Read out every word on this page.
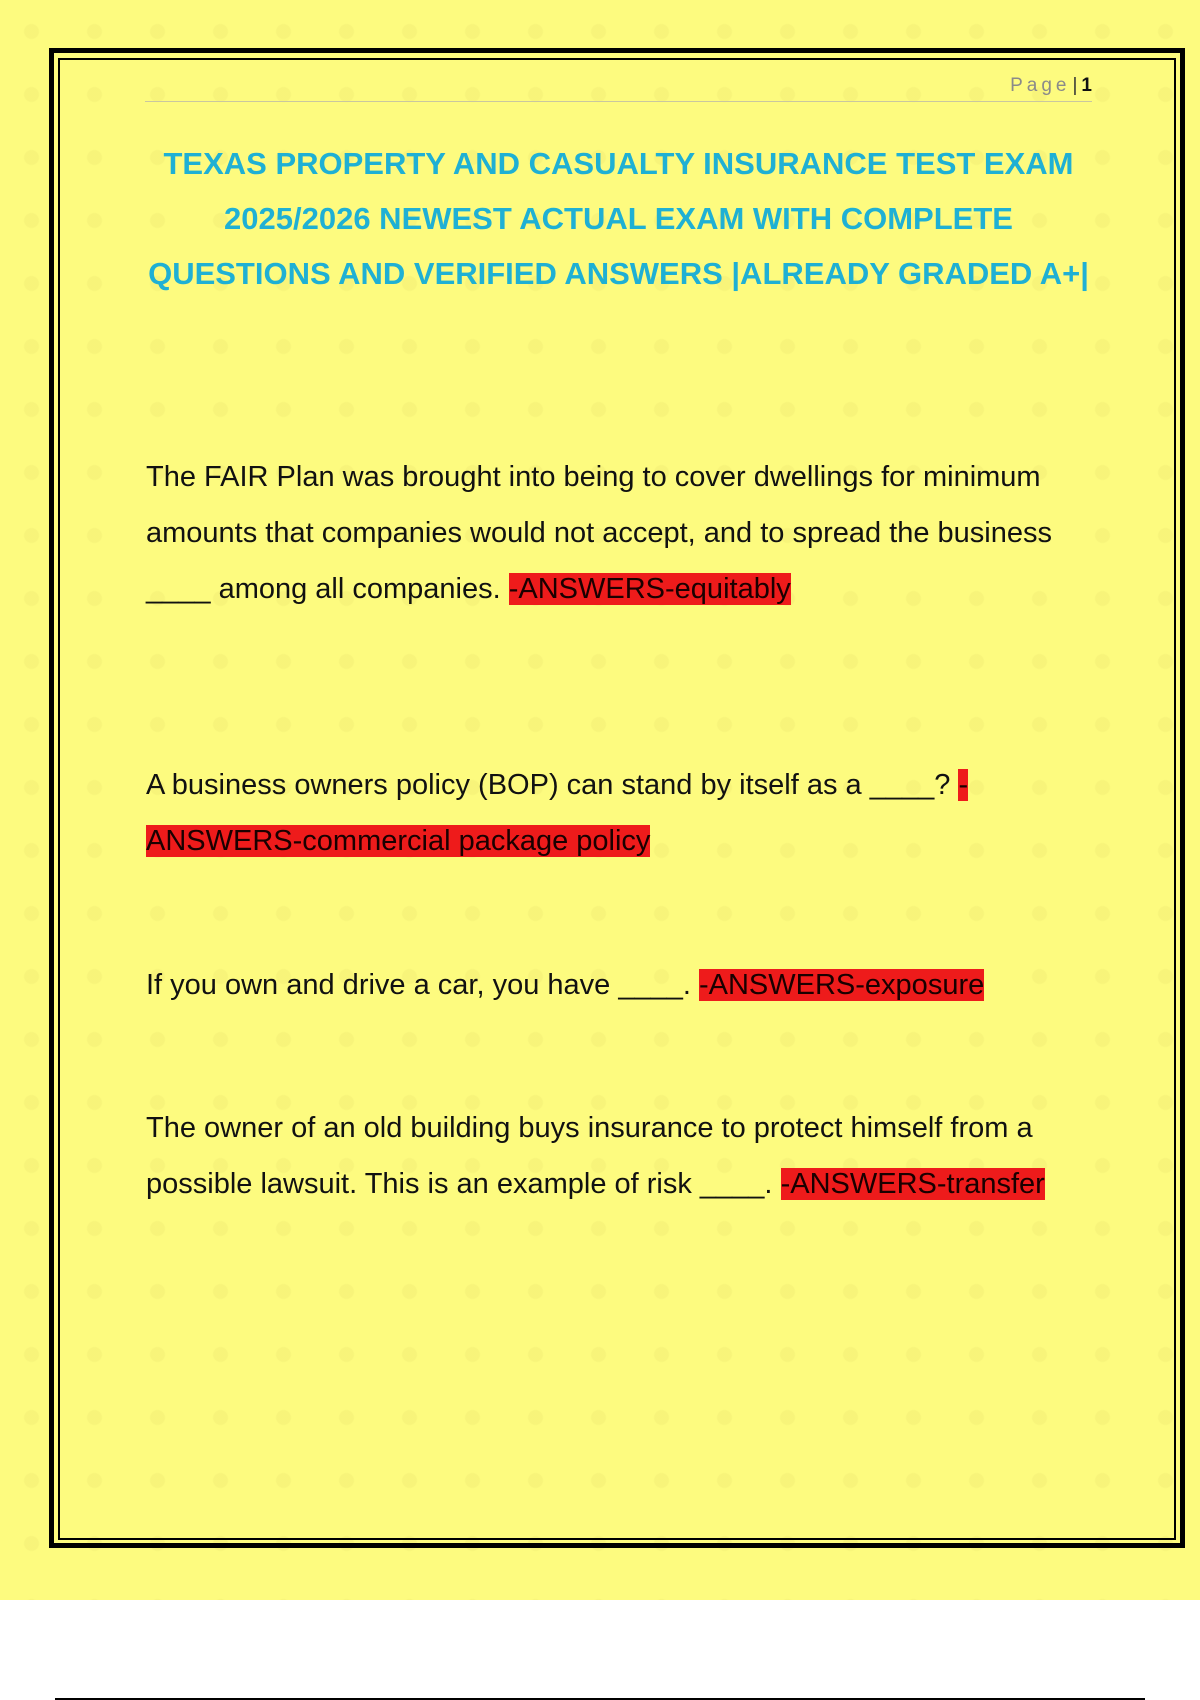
Page | 1
TEXAS PROPERTY AND CASUALTY INSURANCE TEST EXAM 2025/2026 NEWEST ACTUAL EXAM WITH COMPLETE QUESTIONS AND VERIFIED ANSWERS |ALREADY GRADED A+|

The FAIR Plan was brought into being to cover dwellings for minimum amounts that companies would not accept, and to spread the business ____ among all companies. -ANSWERS-equitably

A business owners policy (BOP) can stand by itself as a ____? -ANSWERS-commercial package policy

If you own and drive a car, you have ____. -ANSWERS-exposure

The owner of an old building buys insurance to protect himself from a possible lawsuit. This is an example of risk ____. -ANSWERS-transfer
